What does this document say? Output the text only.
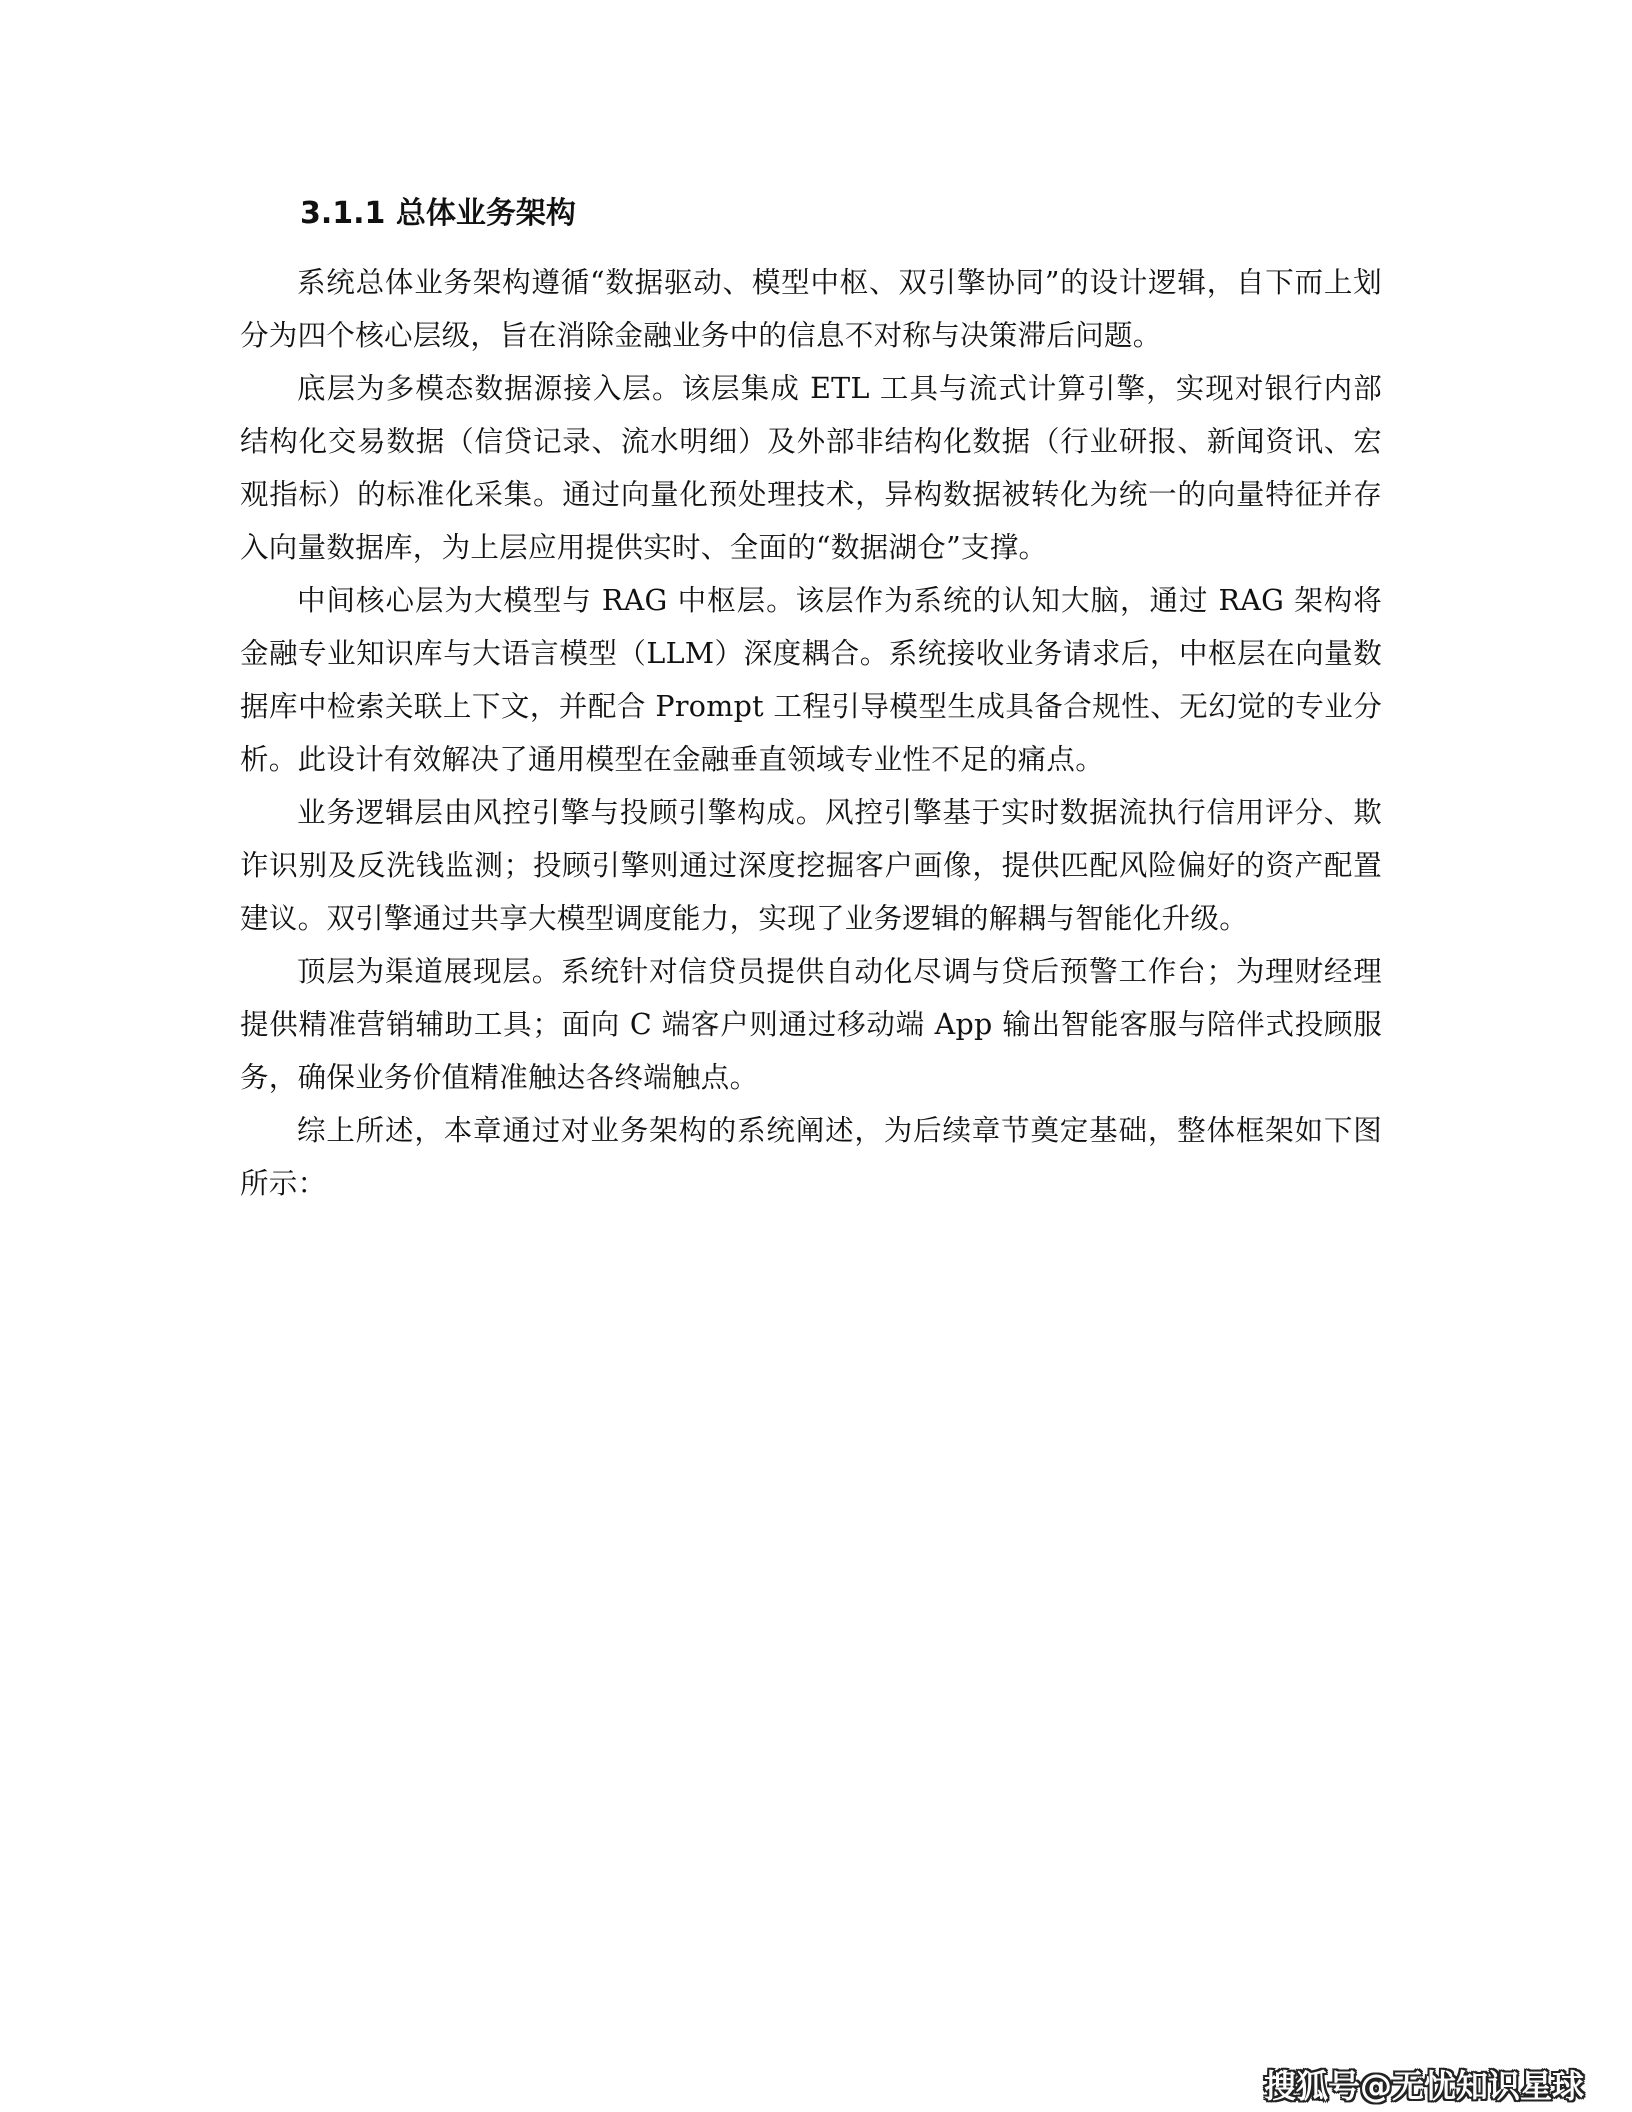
3.1.1 总体业务架构

系统总体业务架构遵循“数据驱动、模型中枢、双引擎协同”的设计逻辑，自下而上划分为四个核心层级，旨在消除金融业务中的信息不对称与决策滞后问题。

底层为多模态数据源接入层。该层集成 ETL 工具与流式计算引擎，实现对银行内部结构化交易数据（信贷记录、流水明细）及外部非结构化数据（行业研报、新闻资讯、宏观指标）的标准化采集。通过向量化预处理技术，异构数据被转化为统一的向量特征并存入向量数据库，为上层应用提供实时、全面的“数据湖仓”支撑。

中间核心层为大模型与 RAG 中枢层。该层作为系统的认知大脑，通过 RAG 架构将金融专业知识库与大语言模型（LLM）深度耦合。系统接收业务请求后，中枢层在向量数据库中检索关联上下文，并配合 Prompt 工程引导模型生成具备合规性、无幻觉的专业分析。此设计有效解决了通用模型在金融垂直领域专业性不足的痛点。

业务逻辑层由风控引擎与投顾引擎构成。风控引擎基于实时数据流执行信用评分、欺诈识别及反洗钱监测；投顾引擎则通过深度挖掘客户画像，提供匹配风险偏好的资产配置建议。双引擎通过共享大模型调度能力，实现了业务逻辑的解耦与智能化升级。

顶层为渠道展现层。系统针对信贷员提供自动化尽调与贷后预警工作台；为理财经理提供精准营销辅助工具；面向 C 端客户则通过移动端 App 输出智能客服与陪伴式投顾服务，确保业务价值精准触达各终端触点。

综上所述，本章通过对业务架构的系统阐述，为后续章节奠定基础，整体框架如下图所示：

搜狐号@无忧知识星球
